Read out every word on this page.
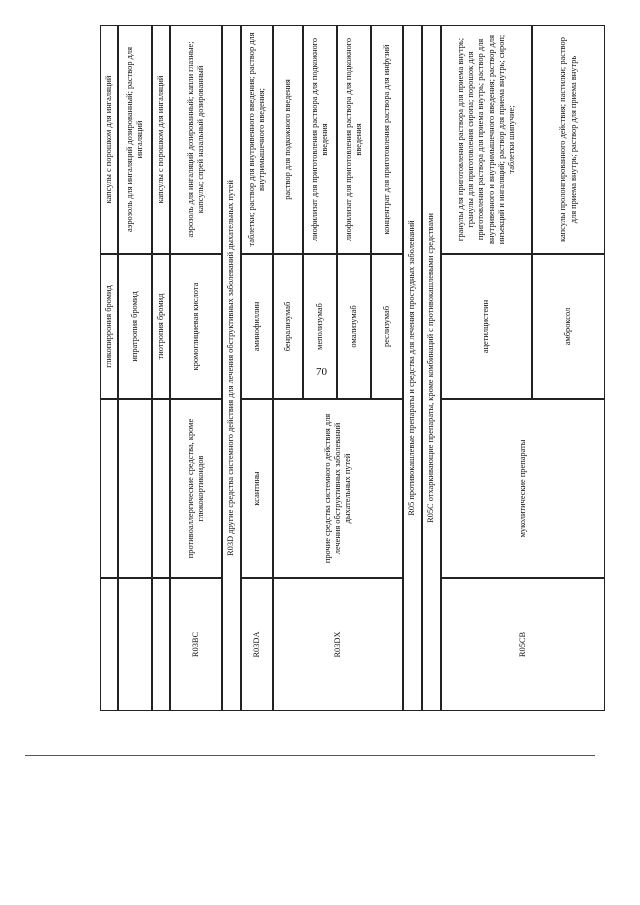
70
гликопиррония бромид
капсулы с порошком для ингаляций
ипратропия бромид
аэрозоль для ингаляций дозированный; раствор для ингаляций
тиотропия бромид
капсулы с порошком для ингаляций
R03BC
противоаллергические средства, кроме глюкокортикоидов
кромоглициевая кислота
аэрозоль для ингаляций дозированный; капли глазные; капсулы; спрей назальный дозированный
R03D другие средства системного действия для лечения обструктивных заболеваний дыхательных путей
R03DA
ксантины
аминофиллин
таблетки; раствор для внутривенного введения; раствор для внутримышечного введения;
R03DX
прочие средства системного действия для лечения обструктивных заболеваний дыхательных путей
бенрализумаб
раствор для подкожного введения
меполизумаб
лиофилизат для приготовления раствора для подкожного введения
омализумаб
лиофилизат для приготовления раствора для подкожного введения
реслизумаб
концентрат для приготовления раствора для инфузий
R05 противокашлевые препараты и средства для лечения простудных заболеваний R05C отхаркивающие препараты, кроме комбинаций с противокашлевыми средствами
R05CB
муколитические препараты
ацетилцистеин
гранулы для приготовления раствора для приема внутрь; гранулы для приготовления сиропа; порошок для приготовления раствора для приема внутрь; раствор для внутривенного и внутримышечного введения; раствор для инъекций и ингаляций; раствор для приема внутрь; сироп; таблетки шипучие;
амброксол
капсулы пролонгированного действия; пастилки; раствор для приема внутрь; раствор для приема внутрь
